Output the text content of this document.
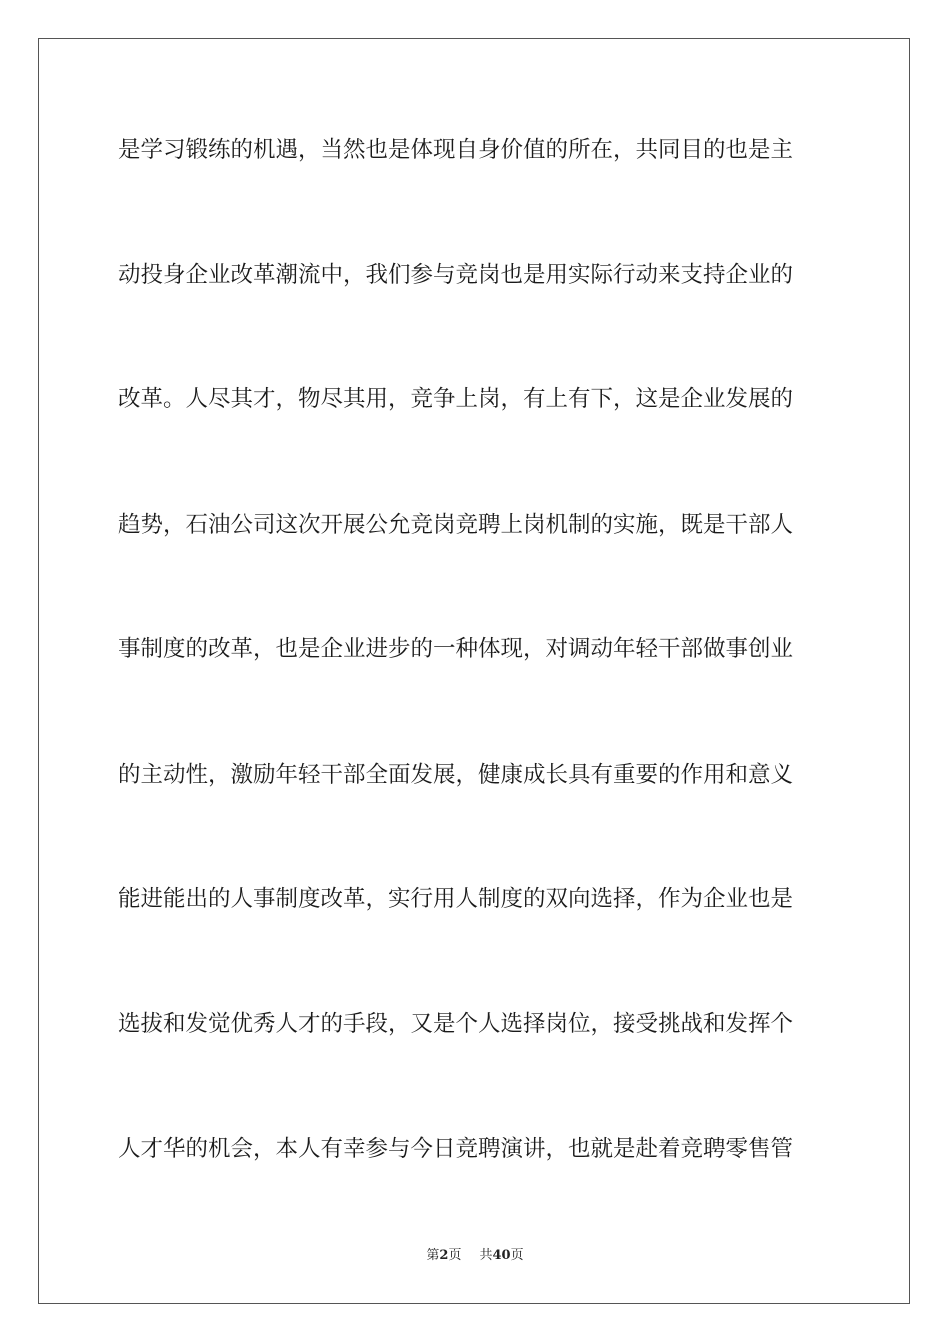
是学习锻练的机遇，当然也是体现自身价值的所在，共同目的也是主
动投身企业改革潮流中，我们参与竞岗也是用实际行动来支持企业的
改革。人尽其才，物尽其用，竞争上岗，有上有下，这是企业发展的
趋势，石油公司这次开展公允竞岗竞聘上岗机制的实施，既是干部人
事制度的改革，也是企业进步的一种体现，对调动年轻干部做事创业
的主动性，激励年轻干部全面发展，健康成长具有重要的作用和意义
能进能出的人事制度改革，实行用人制度的双向选择，作为企业也是
选拔和发觉优秀人才的手段，又是个人选择岗位，接受挑战和发挥个
人才华的机会，本人有幸参与今日竞聘演讲，也就是赴着竞聘零售管
第2页 共40页
